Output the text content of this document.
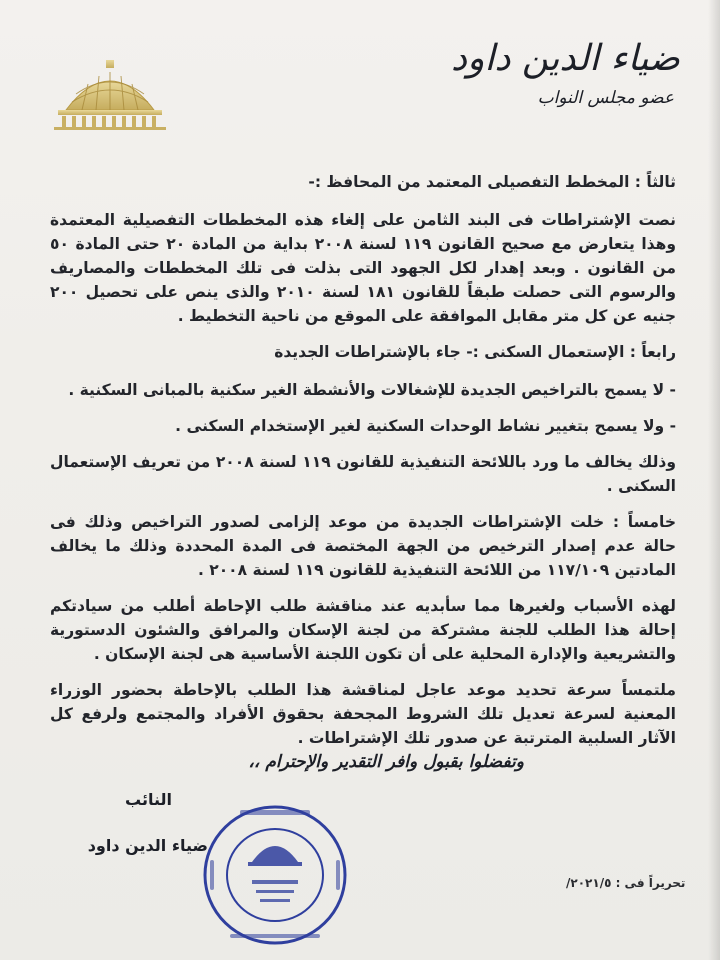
ضياء الدين داود
عضو مجلس النواب

ثالثاً : المخطط التفصيلى المعتمد من المحافظ :-

نصت الإشتراطات فى البند الثامن على إلغاء هذه المخططات التفصيلية المعتمدة وهذا يتعارض مع صحيح القانون ١١٩ لسنة ٢٠٠٨ بداية من المادة ٢٠ حتى المادة ٥٠ من القانون . وبعد إهدار لكل الجهود التى بذلت فى تلك المخططات والمصاريف والرسوم التى حصلت طبقاً للقانون ١٨١ لسنة ٢٠١٠ والذى ينص على تحصيل ٢٠٠ جنيه عن كل متر مقابل الموافقة على الموقع من ناحية التخطيط .

رابعاً : الإستعمال السكنى :- جاء بالإشتراطات الجديدة

- لا يسمح بالتراخيص الجديدة للإشغالات والأنشطة الغير سكنية بالمبانى السكنية .

- ولا يسمح بتغيير نشاط الوحدات السكنية لغير الإستخدام السكنى .

وذلك يخالف ما ورد باللائحة التنفيذية للقانون ١١٩ لسنة ٢٠٠٨ من تعريف الإستعمال السكنى .

خامساً : خلت الإشتراطات الجديدة من موعد إلزامى لصدور التراخيص وذلك فى حالة عدم إصدار الترخيص من الجهة المختصة فى المدة المحددة وذلك ما يخالف المادتين ١١٧/١٠٩ من اللائحة التنفيذية للقانون ١١٩ لسنة ٢٠٠٨ .

لهذه الأسباب ولغيرها مما سأبديه عند مناقشة طلب الإحاطة أطلب من سيادتكم إحالة هذا الطلب للجنة مشتركة من لجنة الإسكان والمرافق والشئون الدستورية والتشريعية والإدارة المحلية على أن تكون اللجنة الأساسية هى لجنة الإسكان .

ملتمساً سرعة تحديد موعد عاجل لمناقشة هذا الطلب بالإحاطة بحضور الوزراء المعنية لسرعة تعديل تلك الشروط المجحفة بحقوق الأفراد والمجتمع ولرفع كل الآثار السلبية المترتبة عن صدور تلك الإشتراطات .

وتفضلوا بقبول وافر التقدير والإحترام ،،
النائب
ضياء الدين داود
تحريراً فى : ٢٠٢١/٥/
